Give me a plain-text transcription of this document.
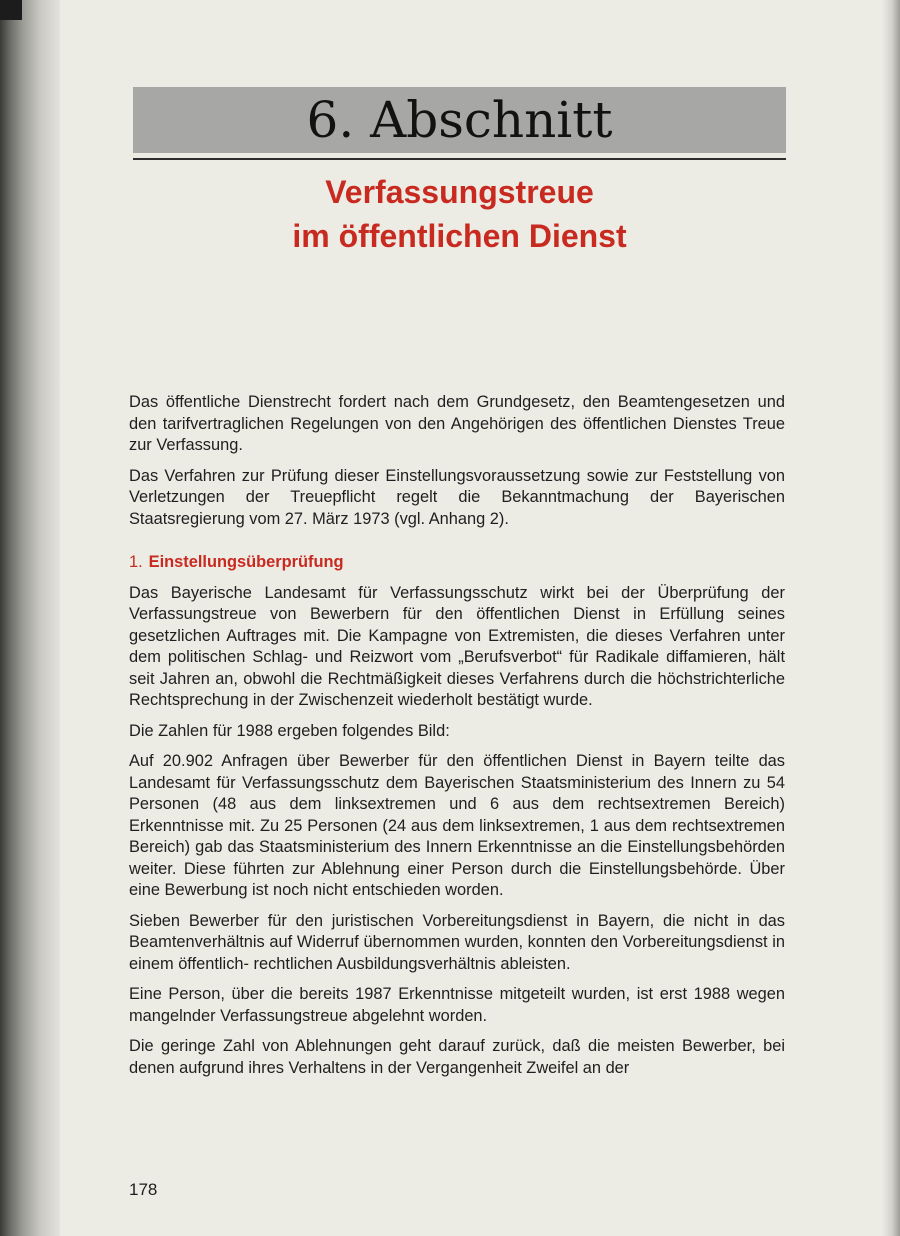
6. Abschnitt
Verfassungstreue
im öffentlichen Dienst

Das öffentliche Dienstrecht fordert nach dem Grundgesetz, den Beamtengesetzen und den tarifvertraglichen Regelungen von den Angehörigen des öffentlichen Dienstes Treue zur Verfassung.

Das Verfahren zur Prüfung dieser Einstellungsvoraussetzung sowie zur Feststellung von Verletzungen der Treuepflicht regelt die Bekanntmachung der Bayerischen Staatsregierung vom 27. März 1973 (vgl. Anhang 2).

1. Einstellungsüberprüfung

Das Bayerische Landesamt für Verfassungsschutz wirkt bei der Überprüfung der Verfassungstreue von Bewerbern für den öffentlichen Dienst in Erfüllung seines gesetzlichen Auftrages mit. Die Kampagne von Extremisten, die dieses Verfahren unter dem politischen Schlag- und Reizwort vom „Berufsverbot“ für Radikale diffamieren, hält seit Jahren an, obwohl die Rechtmäßigkeit dieses Verfahrens durch die höchstrichterliche Rechtsprechung in der Zwischenzeit wiederholt bestätigt wurde.

Die Zahlen für 1988 ergeben folgendes Bild:

Auf 20.902 Anfragen über Bewerber für den öffentlichen Dienst in Bayern teilte das Landesamt für Verfassungsschutz dem Bayerischen Staatsministerium des Innern zu 54 Personen (48 aus dem linksextremen und 6 aus dem rechtsextremen Bereich) Erkenntnisse mit. Zu 25 Personen (24 aus dem linksextremen, 1 aus dem rechtsextremen Bereich) gab das Staatsministerium des Innern Erkenntnisse an die Einstellungsbehörden weiter. Diese führten zur Ablehnung einer Person durch die Einstellungsbehörde. Über eine Bewerbung ist noch nicht entschieden worden.

Sieben Bewerber für den juristischen Vorbereitungsdienst in Bayern, die nicht in das Beamtenverhältnis auf Widerruf übernommen wurden, konnten den Vorbereitungsdienst in einem öffentlich- rechtlichen Ausbildungsverhältnis ableisten.

Eine Person, über die bereits 1987 Erkenntnisse mitgeteilt wurden, ist erst 1988 wegen mangelnder Verfassungstreue abgelehnt worden.

Die geringe Zahl von Ablehnungen geht darauf zurück, daß die meisten Bewerber, bei denen aufgrund ihres Verhaltens in der Vergangenheit Zweifel an der

178
